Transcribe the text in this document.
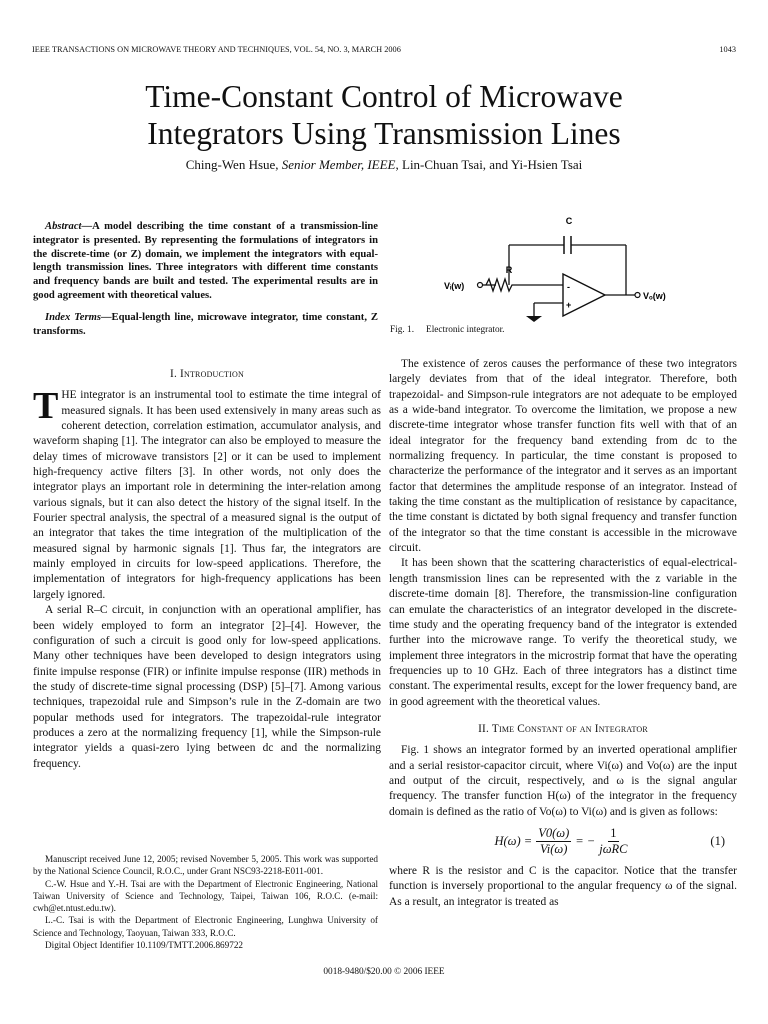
IEEE TRANSACTIONS ON MICROWAVE THEORY AND TECHNIQUES, VOL. 54, NO. 3, MARCH 2006	1043
Time-Constant Control of Microwave
Integrators Using Transmission Lines
Ching-Wen Hsue, Senior Member, IEEE, Lin-Chuan Tsai, and Yi-Hsien Tsai

Abstract—A model describing the time constant of a transmission-line integrator is presented. By representing the formulations of integrators in the discrete-time (or Z) domain, we implement the integrators with equal-length transmission lines. Three integrators with different time constants and frequency bands are built and tested. The experimental results are in good agreement with theoretical values.

Index Terms—Equal-length line, microwave integrator, time constant, Z transforms.

I. Introduction

THE integrator is an instrumental tool to estimate the time integral of measured signals. It has been used extensively in many areas such as coherent detection, correlation estimation, accumulator analysis, and waveform shaping [1]. The integrator can also be employed to measure the delay times of microwave transistors [2] or it can be used to implement high-frequency active filters [3]. In other words, not only does the integrator plays an important role in determining the inter-relation among various signals, but it can also detect the history of the signal itself. In the Fourier spectral analysis, the spectral of a measured signal is the output of an integrator that takes the time integration of the multiplication of the measured signal by harmonic signals [1]. Thus far, the integrators are mainly employed in circuits for low-speed applications. Therefore, the implementation of integrators for high-frequency applications has been largely ignored.

A serial R–C circuit, in conjunction with an operational amplifier, has been widely employed to form an integrator [2]–[4]. However, the configuration of such a circuit is good only for low-speed applications. Many other techniques have been developed to design integrators using finite impulse response (FIR) or infinite impulse response (IIR) methods in the study of discrete-time signal processing (DSP) [5]–[7]. Among various techniques, trapezoidal rule and Simpson’s rule in the Z-domain are two popular methods used for integrators. The trapezoidal-rule integrator produces a zero at the normalizing frequency [1], while the Simpson-rule integrator yields a quasi-zero lying between dc and the normalizing frequency.

Manuscript received June 12, 2005; revised November 5, 2005. This work was supported by the National Science Council, R.O.C., under Grant NSC93-2218-E011-001.

C.-W. Hsue and Y.-H. Tsai are with the Department of Electronic Engineering, National Taiwan University of Science and Technology, Taipei, Taiwan 106, R.O.C. (e-mail: cwh@et.ntust.edu.tw).

L.-C. Tsai is with the Department of Electronic Engineering, Lunghwa University of Science and Technology, Taoyuan, Taiwan 333, R.O.C.

Digital Object Identifier 10.1109/TMTT.2006.869722

C
R
Vᵢ(w)	-
+
Vₒ(w)
Fig. 1. Electronic integrator.

The existence of zeros causes the performance of these two integrators largely deviates from that of the ideal integrator. Therefore, both trapezoidal- and Simpson-rule integrators are not adequate to be employed as a wide-band integrator. To overcome the limitation, we propose a new discrete-time integrator whose transfer function fits well with that of an ideal integrator for the frequency band extending from dc to the normalizing frequency. In particular, the time constant is proposed to characterize the performance of the integrator and it serves as an important factor that determines the amplitude response of an integrator. Instead of taking the time constant as the multiplication of resistance by capacitance, the time constant is dictated by both signal frequency and transfer function of the integrator so that the time constant is accessible in the microwave circuit.

It has been shown that the scattering characteristics of equal-electrical-length transmission lines can be represented with the z variable in the discrete-time domain [8]. Therefore, the transmission-line configuration can emulate the characteristics of an integrator developed in the discrete-time study and the operating frequency band of the integrator is extended further into the microwave range. To verify the theoretical study, we implement three integrators in the microstrip format that have the operating frequencies up to 10 GHz. Each of three integrators has a distinct time constant. The experimental results, except for the lower frequency band, are in good agreement with the theoretical values.

II. Time Constant of an Integrator

Fig. 1 shows an integrator formed by an inverted operational amplifier and a serial resistor-capacitor circuit, where Vi(ω) and Vo(ω) are the input and output of the circuit, respectively, and ω is the signal angular frequency. The transfer function H(ω) of the integrator in the frequency domain is defined as the ratio of Vo(ω) to Vi(ω) and is given as follows:

$H(\omega) = \frac{V0(\omega)}{Vi(\omega)}$ = − $\frac{1}{\text{jωRC}}$	(1)

where R is the resistor and C is the capacitor. Notice that the transfer function is inversely proportional to the angular frequency ω of the signal. As a result, an integrator is treated as

0018-9480/$20.00 © 2006 IEEE
